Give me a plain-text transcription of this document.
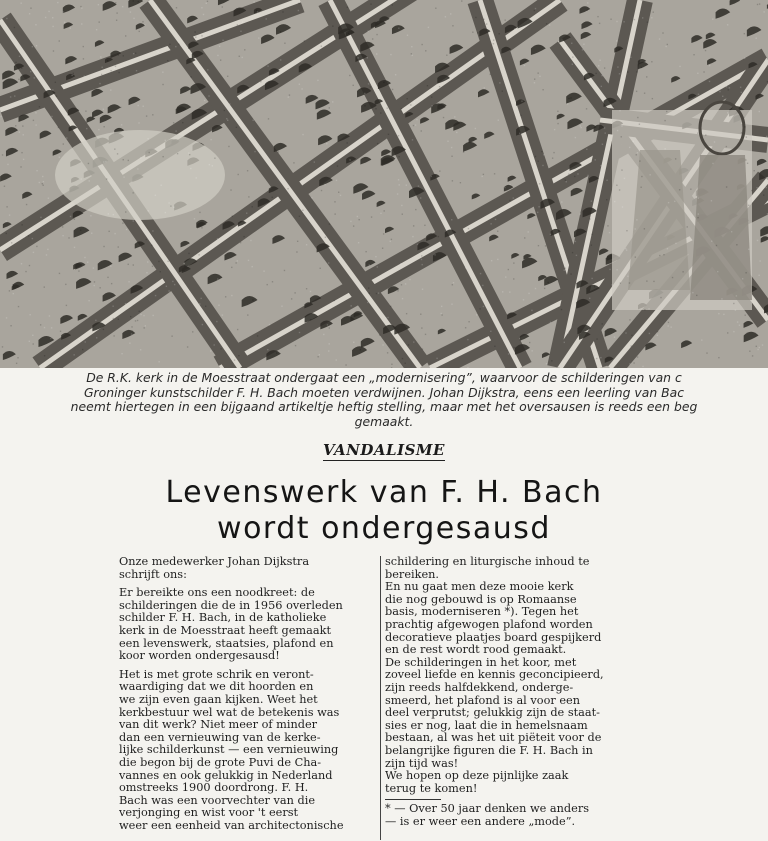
De R.K. kerk in de Moesstraat ondergaat een „modernisering”, waarvoor de schilderingen van c
Groninger kunstschilder F. H. Bach moeten verdwijnen. Johan Dijkstra, eens een leerling van Bac
neemt hiertegen in een bijgaand artikeltje heftig stelling, maar met het oversausen is reeds een beg
gemaakt.
VANDALISME
Levenswerk van F. H. Bach
wordt ondergesausd
Onze medewerker Johan Dijkstra
schrijft ons:
Er bereikte ons een noodkreet: de
schilderingen die de in 1956 overleden
schilder F. H. Bach, in de katholieke
kerk in de Moesstraat heeft gemaakt
een levenswerk, staatsies, plafond en
koor worden ondergesausd!
Het is met grote schrik en veront-
waardiging dat we dit hoorden en
we zijn even gaan kijken. Weet het
kerkbestuur wel wat de betekenis was
van dit werk? Niet meer of minder
dan een vernieuwing van de kerke-
lijke schilderkunst — een vernieuwing
die begon bij de grote Puvi de Cha-
vannes en ook gelukkig in Nederland
omstreeks 1900 doordrong. F. H.
Bach was een voorvechter van die
verjonging en wist voor 't eerst
weer een eenheid van architectonische
schildering en liturgische inhoud te
bereiken.
En nu gaat men deze mooie kerk
die nog gebouwd is op Romaanse
basis, moderniseren *). Tegen het
prachtig afgewogen plafond worden
decoratieve plaatjes board gespijkerd
en de rest wordt rood gemaakt.
De schilderingen in het koor, met
zoveel liefde en kennis geconcipieerd,
zijn reeds halfdekkend, onderge-
smeerd, het plafond is al voor een
deel verprutst; gelukkig zijn de staat-
sies er nog, laat die in hemelsnaam
bestaan, al was het uit piëteit voor de
belangrijke figuren die F. H. Bach in
zijn tijd was!
We hopen op deze pijnlijke zaak
terug te komen!
* — Over 50 jaar denken we anders
— is er weer een andere „mode”.
